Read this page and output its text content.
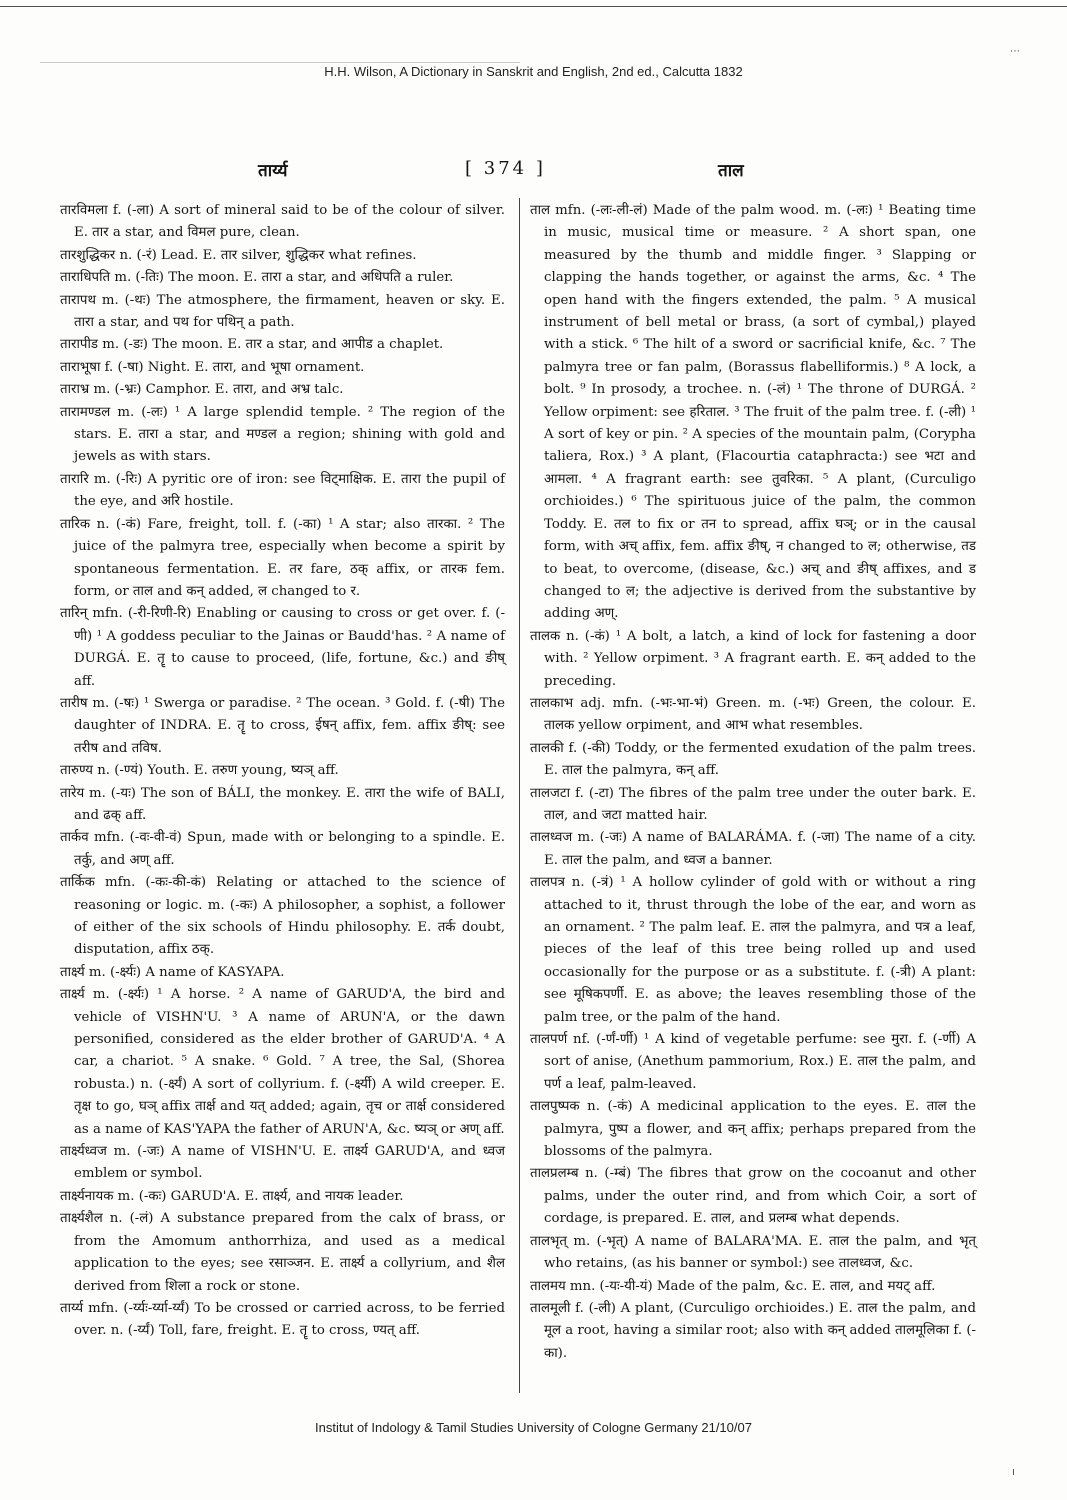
⋯
H.H. Wilson, A Dictionary in Sanskrit and English, 2nd ed., Calcutta 1832
तार्य्य	[ 374 ]	ताल

तारविमला f. (-ला) A sort of mineral said to be of the colour of silver. E. तार a star, and विमल pure, clean.

तारशुद्धिकर n. (-रं) Lead. E. तार silver, शुद्धिकर what refines.

ताराधिपति m. (-तिः) The moon. E. तारा a star, and अधिपति a ruler.

तारापथ m. (-थः) The atmosphere, the firmament, heaven or sky. E. तारा a star, and पथ for पथिन् a path.

तारापीड m. (-डः) The moon. E. तार a star, and आपीड a chaplet.

ताराभूषा f. (-षा) Night. E. तारा, and भूषा ornament.

ताराभ्र m. (-भ्रः) Camphor. E. तारा, and अभ्र talc.

तारामण्डल m. (-लः) ¹ A large splendid temple. ² The region of the stars. E. तारा a star, and मण्डल a region; shining with gold and jewels as with stars.

तारारि m. (-रिः) A pyritic ore of iron: see विट्माक्षिक. E. तारा the pupil of the eye, and अरि hostile.

तारिक n. (-कं) Fare, freight, toll. f. (-का) ¹ A star; also तारका. ² The juice of the palmyra tree, especially when become a spirit by spontaneous fermentation. E. तर fare, ठक् affix, or तारक fem. form, or ताल and कन् added, ल changed to र.

तारिन् mfn. (-री-रिणी-रि) Enabling or causing to cross or get over. f. (-णी) ¹ A goddess peculiar to the Jainas or Baudd'has. ² A name of DURGÁ. E. तॄ to cause to proceed, (life, fortune, &c.) and ङीष् aff.

तारीष m. (-षः) ¹ Swerga or paradise. ² The ocean. ³ Gold. f. (-षी) The daughter of INDRA. E. तॄ to cross, ईषन् affix, fem. affix ङीष्: see तरीष and तविष.

तारुण्य n. (-ण्यं) Youth. E. तरुण young, ष्यञ् aff.

तारेय m. (-यः) The son of BÁLI, the monkey. E. तारा the wife of BALI, and ढक् aff.

तार्कव mfn. (-वः-वी-वं) Spun, made with or belonging to a spindle. E. तर्कु, and अण् aff.

तार्किक mfn. (-कः-की-कं) Relating or attached to the science of reasoning or logic. m. (-कः) A philosopher, a sophist, a follower of either of the six schools of Hindu philosophy. E. तर्क doubt, disputation, affix ठक्.

तार्क्ष्य m. (-र्क्ष्यः) A name of KASYAPA.

तार्क्ष्य m. (-र्क्ष्यः) ¹ A horse. ² A name of GARUD'A, the bird and vehicle of VISHN'U. ³ A name of ARUN'A, or the dawn personified, considered as the elder brother of GARUD'A. ⁴ A car, a chariot. ⁵ A snake. ⁶ Gold. ⁷ A tree, the Sal, (Shorea robusta.) n. (-र्क्ष्यं) A sort of collyrium. f. (-र्क्ष्यी) A wild creeper. E. तृक्ष to go, घञ् affix तार्क्ष and यत् added; again, तृच or तार्क्ष considered as a name of KAS'YAPA the father of ARUN'A, &c. ष्यञ् or अण् aff.

तार्क्ष्यध्वज m. (-जः) A name of VISHN'U. E. तार्क्ष्य GARUD'A, and ध्वज emblem or symbol.

तार्क्ष्यनायक m. (-कः) GARUD'A. E. तार्क्ष्य, and नायक leader.

तार्क्ष्यशैल n. (-लं) A substance prepared from the calx of brass, or from the Amomum anthorrhiza, and used as a medical application to the eyes; see रसाञ्जन. E. तार्क्ष्य a collyrium, and शैल derived from शिला a rock or stone.

तार्य्य mfn. (-र्य्यः-र्य्या-र्य्यं) To be crossed or carried across, to be ferried over. n. (-र्य्यं) Toll, fare, freight. E. तॄ to cross, ण्यत् aff.

ताल mfn. (-लः-ली-लं) Made of the palm wood. m. (-लः) ¹ Beating time in music, musical time or measure. ² A short span, one measured by the thumb and middle finger. ³ Slapping or clapping the hands together, or against the arms, &c. ⁴ The open hand with the fingers extended, the palm. ⁵ A musical instrument of bell metal or brass, (a sort of cymbal,) played with a stick. ⁶ The hilt of a sword or sacrificial knife, &c. ⁷ The palmyra tree or fan palm, (Borassus flabelliformis.) ⁸ A lock, a bolt. ⁹ In prosody, a trochee. n. (-लं) ¹ The throne of DURGÁ. ² Yellow orpiment: see हरिताल. ³ The fruit of the palm tree. f. (-ली) ¹ A sort of key or pin. ² A species of the mountain palm, (Corypha taliera, Rox.) ³ A plant, (Flacourtia cataphracta:) see भटा and आमला. ⁴ A fragrant earth: see तुवरिका. ⁵ A plant, (Curculigo orchioides.) ⁶ The spirituous juice of the palm, the common Toddy. E. तल to fix or तन to spread, affix घञ्; or in the causal form, with अच् affix, fem. affix ङीष्, न changed to ल; otherwise, तड to beat, to overcome, (disease, &c.) अच् and ङीष् affixes, and ड changed to ल; the adjective is derived from the substantive by adding अण्.

तालक n. (-कं) ¹ A bolt, a latch, a kind of lock for fastening a door with. ² Yellow orpiment. ³ A fragrant earth. E. कन् added to the preceding.

तालकाभ adj. mfn. (-भः-भा-भं) Green. m. (-भः) Green, the colour. E. तालक yellow orpiment, and आभ what resembles.

तालकी f. (-की) Toddy, or the fermented exudation of the palm trees. E. ताल the palmyra, कन् aff.

तालजटा f. (-टा) The fibres of the palm tree under the outer bark. E. ताल, and जटा matted hair.

तालध्वज m. (-जः) A name of BALARÁMA. f. (-जा) The name of a city. E. ताल the palm, and ध्वज a banner.

तालपत्र n. (-त्रं) ¹ A hollow cylinder of gold with or without a ring attached to it, thrust through the lobe of the ear, and worn as an ornament. ² The palm leaf. E. ताल the palmyra, and पत्र a leaf, pieces of the leaf of this tree being rolled up and used occasionally for the purpose or as a substitute. f. (-त्री) A plant: see मूषिकपर्णी. E. as above; the leaves resembling those of the palm tree, or the palm of the hand.

तालपर्ण nf. (-र्णं-र्णी) ¹ A kind of vegetable perfume: see मुरा. f. (-र्णी) A sort of anise, (Anethum pammorium, Rox.) E. ताल the palm, and पर्ण a leaf, palm-leaved.

तालपुष्पक n. (-कं) A medicinal application to the eyes. E. ताल the palmyra, पुष्प a flower, and कन् affix; perhaps prepared from the blossoms of the palmyra.

तालप्रलम्ब n. (-म्बं) The fibres that grow on the cocoanut and other palms, under the outer rind, and from which Coir, a sort of cordage, is prepared. E. ताल, and प्रलम्ब what depends.

तालभृत् m. (-भृत्) A name of BALARA'MA. E. ताल the palm, and भृत् who retains, (as his banner or symbol:) see तालध्वज, &c.

तालमय mn. (-यः-यी-यं) Made of the palm, &c. E. ताल, and मयट् aff.

तालमूली f. (-ली) A plant, (Curculigo orchioides.) E. ताल the palm, and मूल a root, having a similar root; also with कन् added तालमूलिका f. (-का).

Institut of Indology & Tamil Studies University of Cologne Germany 21/10/07
ı
